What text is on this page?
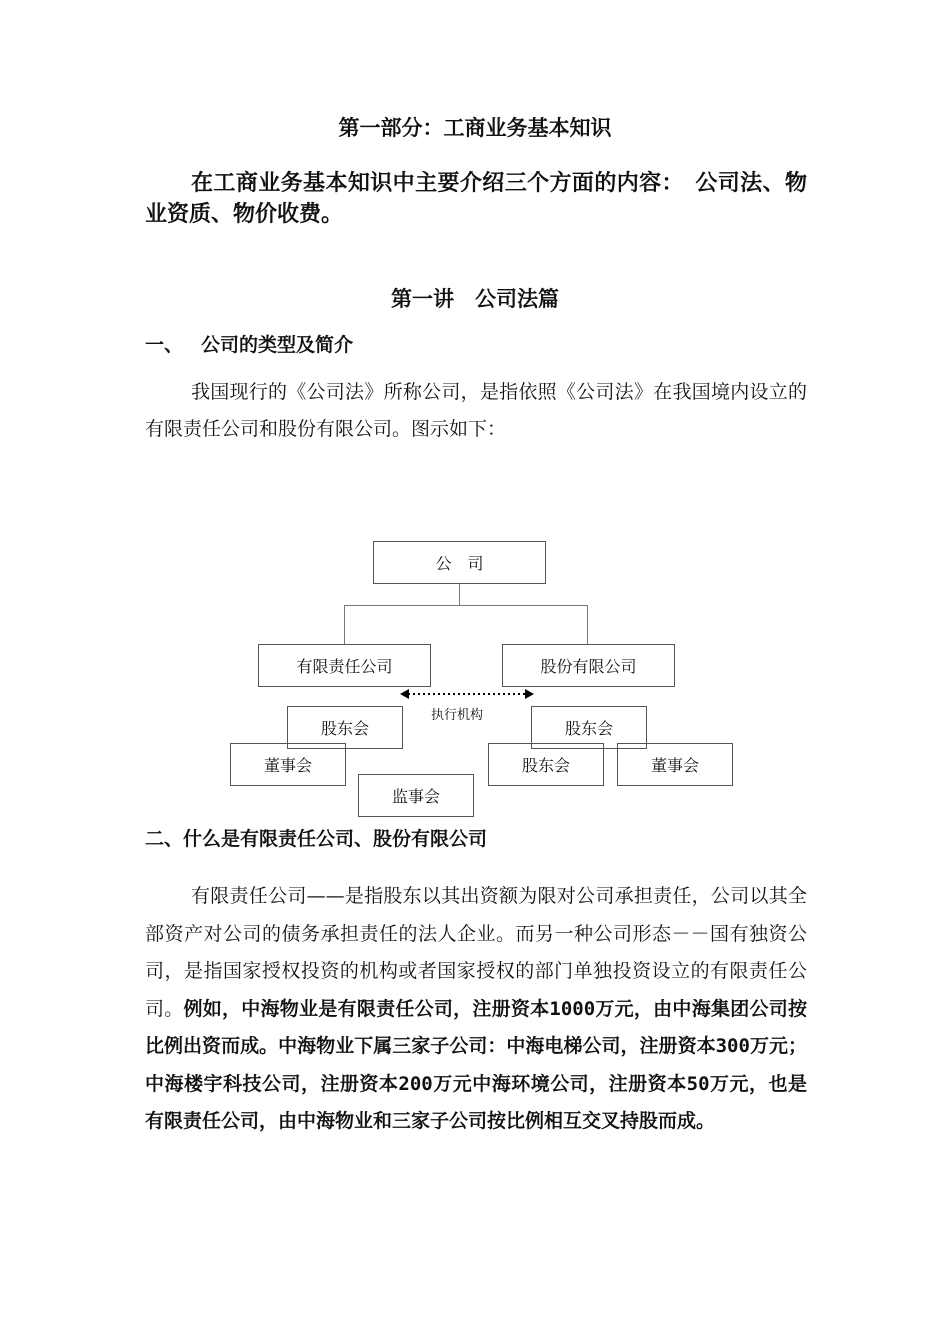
第一部分：工商业务基本知识
在工商业务基本知识中主要介绍三个方面的内容：　公司法、物业资质、物价收费。
第一讲　公司法篇
一、 公司的类型及简介
我国现行的《公司法》所称公司，是指依照《公司法》在我国境内设立的有限责任公司和股份有限公司。图示如下：
公　司
有限责任公司	股份有限公司
执行机构
董事会
监事会
股东会
股东会	董事会
股东会
二、什么是有限责任公司、股份有限公司
有限责任公司——是指股东以其出资额为限对公司承担责任，公司以其全部资产对公司的债务承担责任的法人企业。而另一种公司形态－－国有独资公司，是指国家授权投资的机构或者国家授权的部门单独投资设立的有限责任公司。例如，中海物业是有限责任公司，注册资本1000万元，由中海集团公司按比例出资而成。中海物业下属三家子公司：中海电梯公司，注册资本300万元；中海楼宇科技公司，注册资本200万元中海环境公司，注册资本50万元，也是有限责任公司，由中海物业和三家子公司按比例相互交叉持股而成。
